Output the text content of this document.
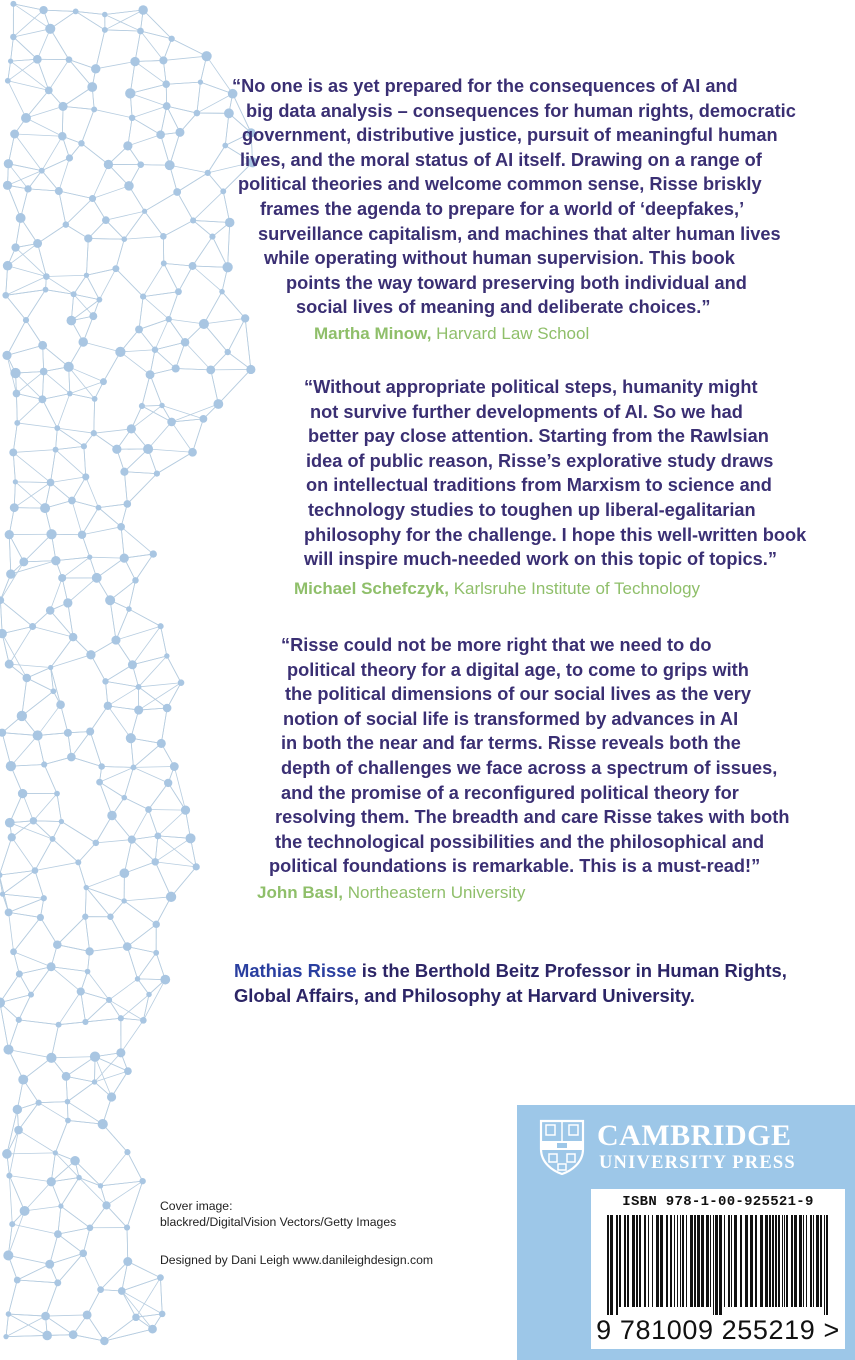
“No one is as yet prepared for the consequences of AI and
big data analysis – consequences for human rights, democratic
government, distributive justice, pursuit of meaningful human
lives, and the moral status of AI itself. Drawing on a range of
political theories and welcome common sense, Risse briskly
frames the agenda to prepare for a world of ‘deepfakes,’
surveillance capitalism, and machines that alter human lives
while operating without human supervision. This book
points the way toward preserving both individual and
social lives of meaning and deliberate choices.”

Martha Minow, Harvard Law School

“Without appropriate political steps, humanity might
not survive further developments of AI. So we had
better pay close attention. Starting from the Rawlsian
idea of public reason, Risse’s explorative study draws
on intellectual traditions from Marxism to science and
technology studies to toughen up liberal-egalitarian
philosophy for the challenge. I hope this well-written book
will inspire much-needed work on this topic of topics.”

Michael Schefczyk, Karlsruhe Institute of Technology

“Risse could not be more right that we need to do
political theory for a digital age, to come to grips with
the political dimensions of our social lives as the very
notion of social life is transformed by advances in AI
in both the near and far terms. Risse reveals both the
depth of challenges we face across a spectrum of issues,
and the promise of a reconfigured political theory for
resolving them. The breadth and care Risse takes with both
the technological possibilities and the philosophical and
political foundations is remarkable. This is a must-read!”

John Basl, Northeastern University

Mathias Risse is the Berthold Beitz Professor in Human Rights,
Global Affairs, and Philosophy at Harvard University.
Cover image:
blackred/DigitalVision Vectors/Getty Images
Designed by Dani Leigh www.danileighdesign.com

CAMBRIDGE

UNIVERSITY PRESS

ISBN 978-1-00-925521-9

9 781009 255219 >
